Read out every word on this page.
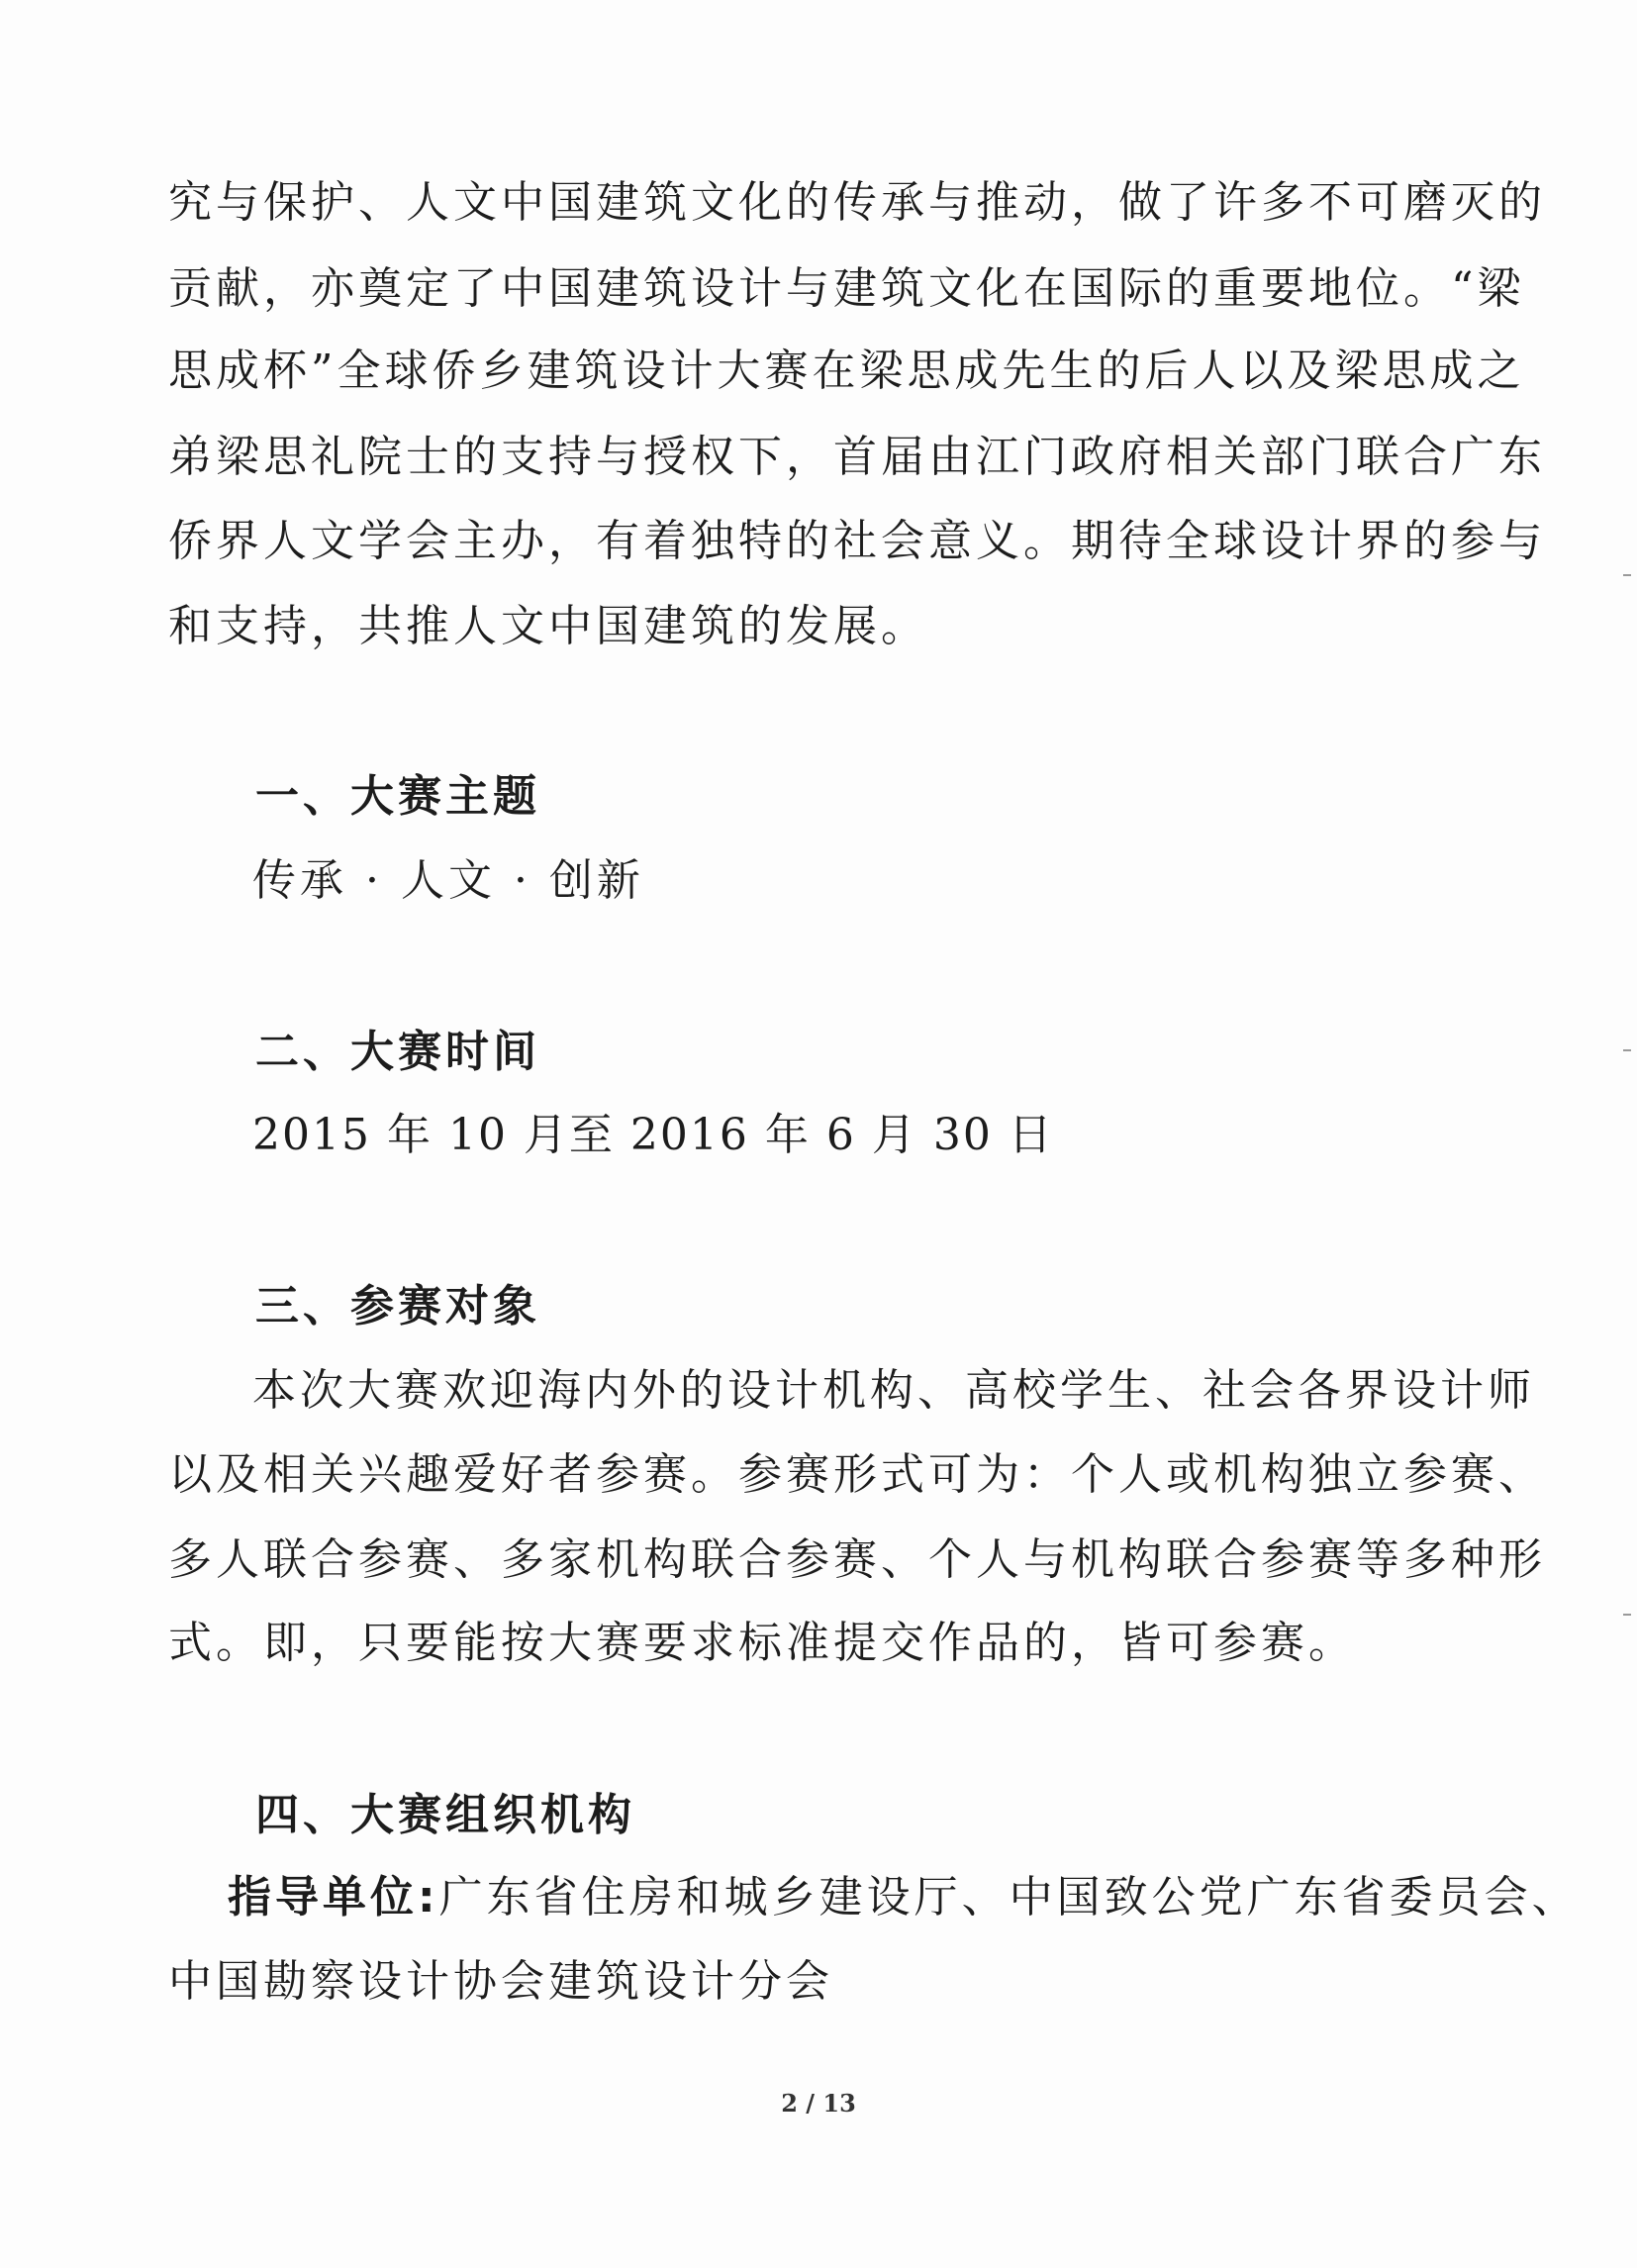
究与保护、人文中国建筑文化的传承与推动，做了许多不可磨灭的
贡献，亦奠定了中国建筑设计与建筑文化在国际的重要地位。“梁
思成杯”全球侨乡建筑设计大赛在梁思成先生的后人以及梁思成之
弟梁思礼院士的支持与授权下，首届由江门政府相关部门联合广东
侨界人文学会主办，有着独特的社会意义。期待全球设计界的参与
和支持，共推人文中国建筑的发展。
一、大赛主题
传承 · 人文 · 创新
二、大赛时间
2015 年 10 月至 2016 年 6 月 30 日
三、参赛对象
本次大赛欢迎海内外的设计机构、高校学生、社会各界设计师
以及相关兴趣爱好者参赛。参赛形式可为：个人或机构独立参赛、
多人联合参赛、多家机构联合参赛、个人与机构联合参赛等多种形
式。即，只要能按大赛要求标准提交作品的，皆可参赛。
四、大赛组织机构
指导单位:广东省住房和城乡建设厅、中国致公党广东省委员会、
中国勘察设计协会建筑设计分会
2 / 13
